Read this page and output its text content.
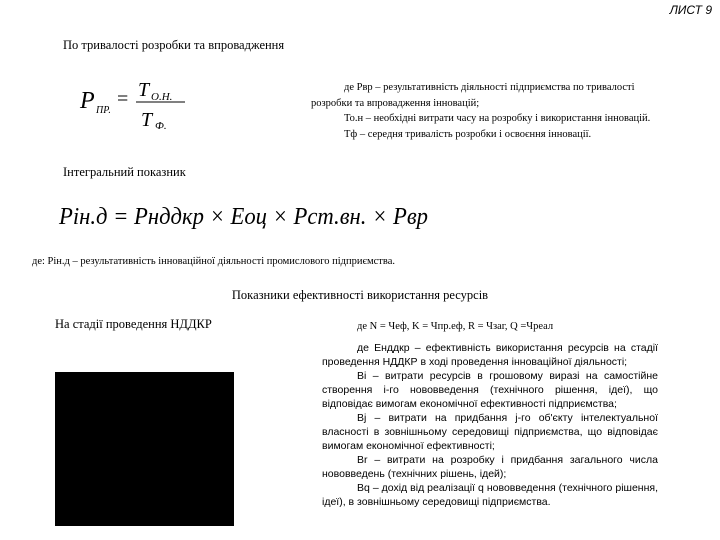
ЛИСТ 9
По тривалості розробки та впровадження
P ПР.
= T О.Н.
T Ф.
Pін.д = Pнддкр × Eоц × Pст.вн. × Pвр
де Pвр – результативність діяльності підприємства по тривалості
розробки та впровадження інновацій;
То.н – необхідні витрати часу на розробку і використання інновацій.
Тф – середня тривалість розробки і освоєння інновації.
Інтегральний показник
де: Рін.д – результативність інноваційної діяльності промислового підприємства.
Показники ефективності використання ресурсів
На стадії проведення НДДКР	де N = Чеф, K = Чпр.еф, R = Чзаг, Q =Чреал

де Eнддкр – ефективність використання ресурсів на стадії проведення НДДКР в ході проведення інноваційної діяльності;

Вi – витрати ресурсів в грошовому виразі на самостійне створення i-го нововведення (технічного рішення, ідеї), що відповідає вимогам економічної ефективності підприємства;

Вj – витрати на придбання j-го об'єкту інтелектуальної власності в зовнішньому середовищі підприємства, що відповідає вимогам економічної ефективності;

Вr – витрати на розробку і придбання загального числа нововведень (технічних рішень, ідей);

Вq – дохід від реалізації q нововведення (технічного рішення, ідеї), в зовнішньому середовищі підприємства.
